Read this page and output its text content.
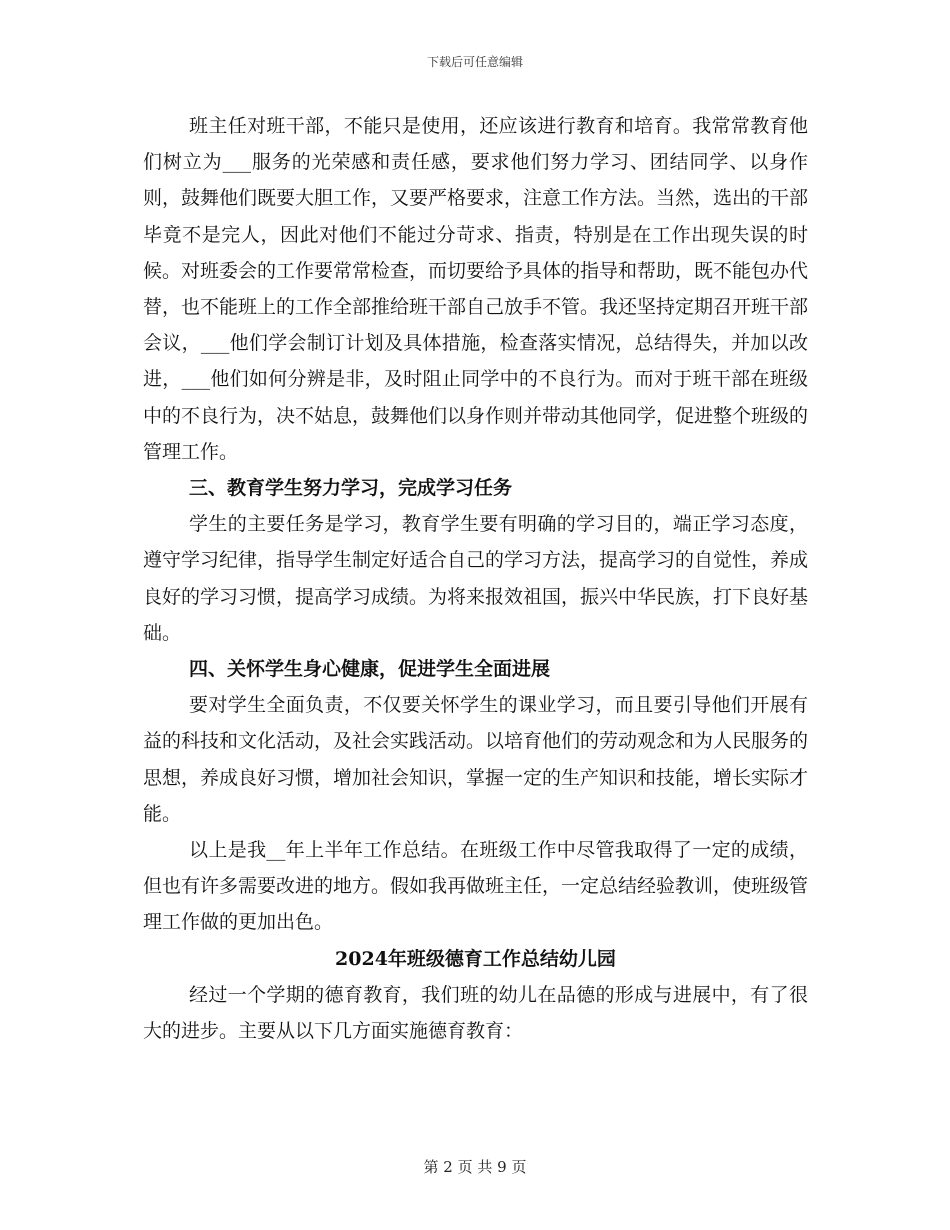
下载后可任意编辑

班主任对班干部，不能只是使用，还应该进行教育和培育。我常常教育他们树立为___服务的光荣感和责任感，要求他们努力学习、团结同学、以身作则，鼓舞他们既要大胆工作，又要严格要求，注意工作方法。当然，选出的干部毕竟不是完人，因此对他们不能过分苛求、指责，特别是在工作出现失误的时候。对班委会的工作要常常检查，而切要给予具体的指导和帮助，既不能包办代替，也不能班上的工作全部推给班干部自己放手不管。我还坚持定期召开班干部会议，___他们学会制订计划及具体措施，检查落实情况，总结得失，并加以改进，___他们如何分辨是非，及时阻止同学中的不良行为。而对于班干部在班级中的不良行为，决不姑息，鼓舞他们以身作则并带动其他同学，促进整个班级的管理工作。

三、教育学生努力学习，完成学习任务

学生的主要任务是学习，教育学生要有明确的学习目的，端正学习态度，遵守学习纪律，指导学生制定好适合自己的学习方法，提高学习的自觉性，养成良好的学习习惯，提高学习成绩。为将来报效祖国，振兴中华民族，打下良好基础。

四、关怀学生身心健康，促进学生全面进展

要对学生全面负责，不仅要关怀学生的课业学习，而且要引导他们开展有益的科技和文化活动，及社会实践活动。以培育他们的劳动观念和为人民服务的思想，养成良好习惯，增加社会知识，掌握一定的生产知识和技能，增长实际才能。

以上是我__年上半年工作总结。在班级工作中尽管我取得了一定的成绩，但也有许多需要改进的地方。假如我再做班主任，一定总结经验教训，使班级管理工作做的更加出色。

2024年班级德育工作总结幼儿园

经过一个学期的德育教育，我们班的幼儿在品德的形成与进展中，有了很大的进步。主要从以下几方面实施德育教育：

第 2 页 共 9 页
